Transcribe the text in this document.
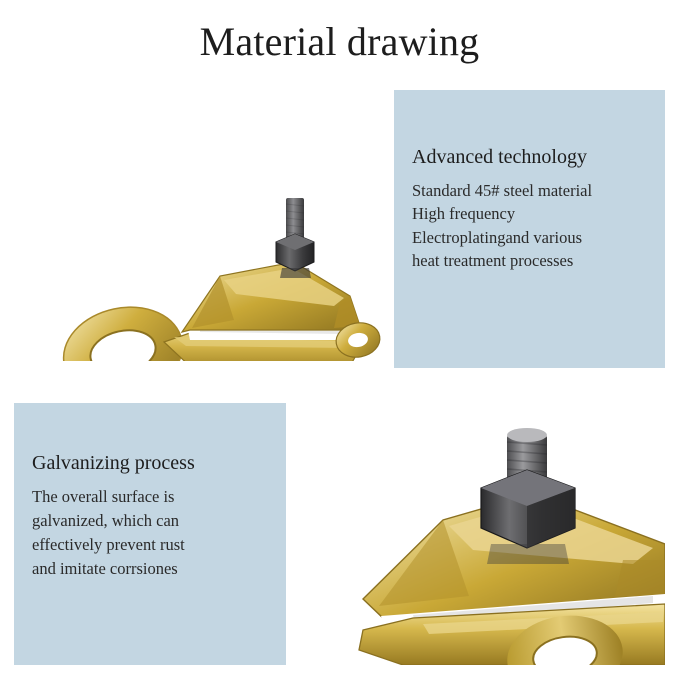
Material drawing
Advanced technology
Standard 45# steel material
High frequency
Electroplatingand various
heat treatment processes
Galvanizing process
The overall surface is
galvanized, which can
effectively prevent rust
and imitate corrsiones
